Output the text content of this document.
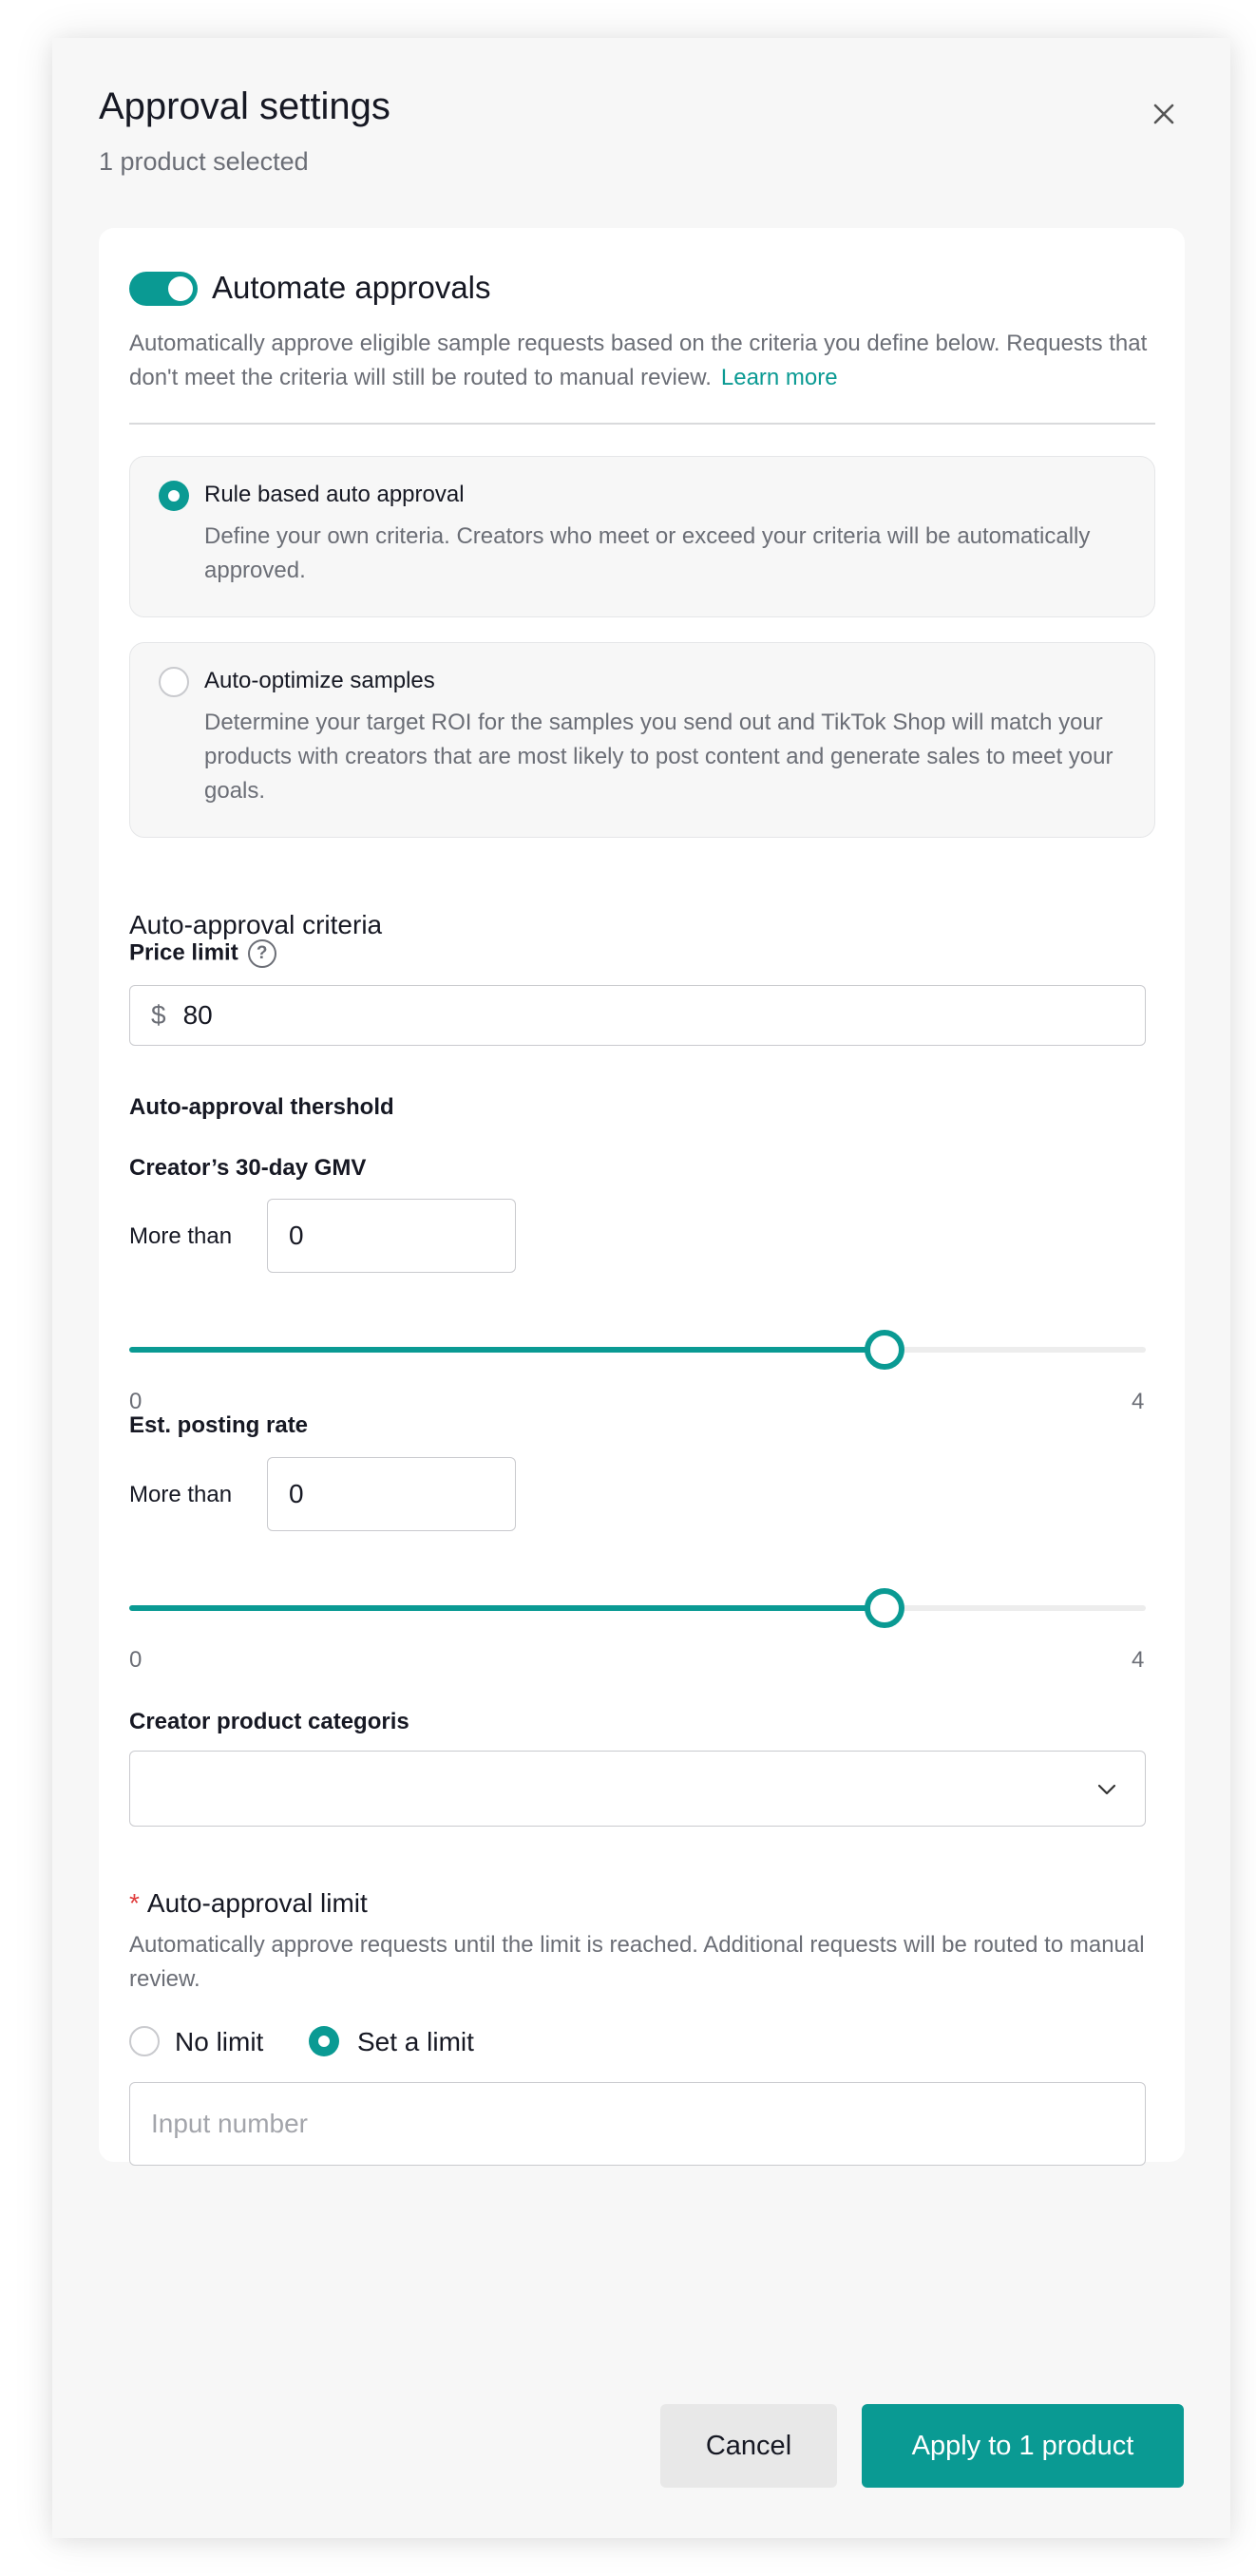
Approval settings
1 product selected
Automate approvals
Automatically approve eligible sample requests based on the criteria you define below. Requests that don't meet the criteria will still be routed to manual review. Learn more
Rule based auto approval
Define your own criteria. Creators who meet or exceed your criteria will be automatically approved.
Auto-optimize samples
Determine your target ROI for the samples you send out and TikTok Shop will match your products with creators that are most likely to post content and generate sales to meet your goals.
Auto-approval criteria
Price limit ?
$ 80
Auto-approval thershold
Creator’s 30-day GMV
More than 0
0	4
Est. posting rate
More than 0
0	4
Creator product categoris
* Auto-approval limit
Automatically approve requests until the limit is reached. Additional requests will be routed to manual review.
No limit	Set a limit
Input number
Cancel	Apply to 1 product
